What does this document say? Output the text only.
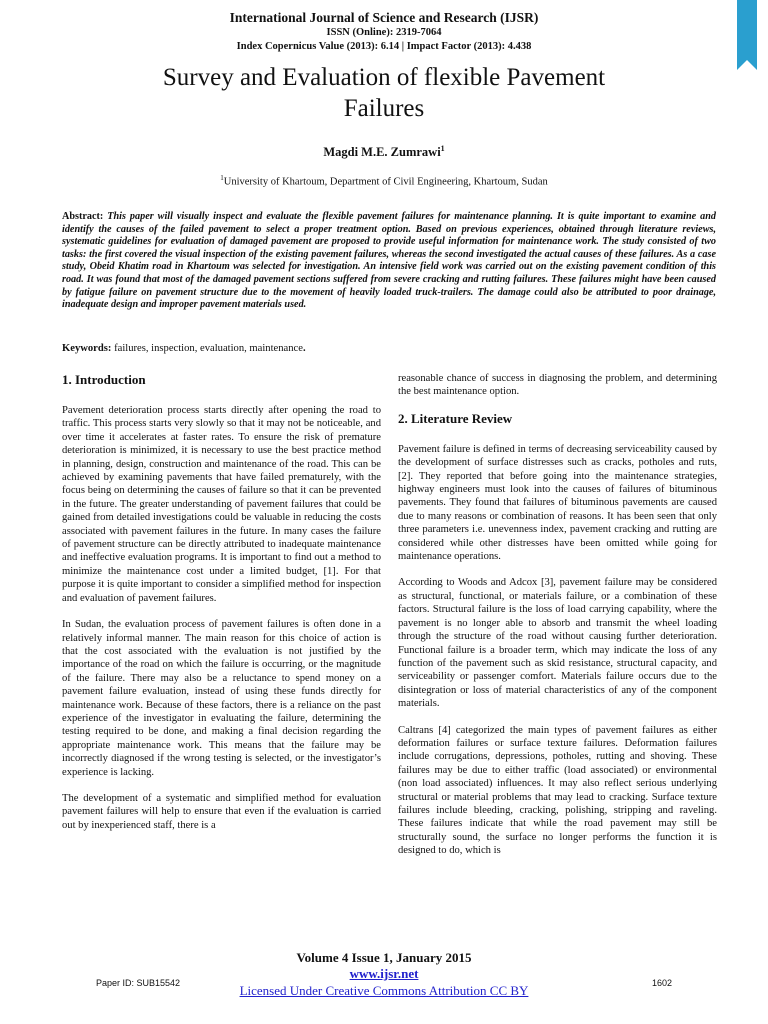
International Journal of Science and Research (IJSR)
ISSN (Online): 2319-7064
Index Copernicus Value (2013): 6.14 | Impact Factor (2013): 4.438
Survey and Evaluation of flexible Pavement
Failures
Magdi M.E. Zumrawi$^1$
$^1$University of Khartoum, Department of Civil Engineering, Khartoum, Sudan
Abstract: This paper will visually inspect and evaluate the flexible pavement failures for maintenance planning. It is quite important to examine and identify the causes of the failed pavement to select a proper treatment option. Based on previous experiences, obtained through literature reviews, systematic guidelines for evaluation of damaged pavement are proposed to provide useful information for maintenance work. The study consisted of two tasks: the first covered the visual inspection of the existing pavement failures, whereas the second investigated the actual causes of these failures. As a case study, Obeid Khatim road in Khartoum was selected for investigation. An intensive field work was carried out on the existing pavement condition of this road. It was found that most of the damaged pavement sections suffered from severe cracking and rutting failures. These failures might have been caused by fatigue failure on pavement structure due to the movement of heavily loaded truck-trailers. The damage could also be attributed to poor drainage, inadequate design and improper pavement materials used.
Keywords: failures, inspection, evaluation, maintenance.
1. Introduction

Pavement deterioration process starts directly after opening the road to traffic. This process starts very slowly so that it may not be noticeable, and over time it accelerates at faster rates. To ensure the risk of premature deterioration is minimized, it is necessary to use the best practice method in planning, design, construction and maintenance of the road. This can be achieved by examining pavements that have failed prematurely, with the focus being on determining the causes of failure so that it can be prevented in the future. The greater understanding of pavement failures that could be gained from detailed investigations could be valuable in reducing the costs associated with pavement failures in the future. In many cases the failure of pavement structure can be directly attributed to inadequate maintenance and ineffective evaluation programs. It is important to find out a method to minimize the maintenance cost under a limited budget, [1]. For that purpose it is quite important to consider a simplified method for inspection and evaluation of pavement failures.

In Sudan, the evaluation process of pavement failures is often done in a relatively informal manner. The main reason for this choice of action is that the cost associated with the evaluation is not justified by the importance of the road on which the failure is occurring, or the magnitude of the failure. There may also be a reluctance to spend money on a pavement failure evaluation, instead of using these funds directly for maintenance work. Because of these factors, there is a reliance on the past experience of the investigator in evaluating the failure, determining the testing required to be done, and making a final decision regarding the appropriate maintenance work. This means that the failure may be incorrectly diagnosed if the wrong testing is selected, or the investigator’s experience is lacking.

The development of a systematic and simplified method for evaluation pavement failures will help to ensure that even if the evaluation is carried out by inexperienced staff, there is a

reasonable chance of success in diagnosing the problem, and determining the best maintenance option.

2. Literature Review

Pavement failure is defined in terms of decreasing serviceability caused by the development of surface distresses such as cracks, potholes and ruts, [2]. They reported that before going into the maintenance strategies, highway engineers must look into the causes of failures of bituminous pavements. They found that failures of bituminous pavements are caused due to many reasons or combination of reasons. It has been seen that only three parameters i.e. unevenness index, pavement cracking and rutting are considered while other distresses have been omitted while going for maintenance operations.

According to Woods and Adcox [3], pavement failure may be considered as structural, functional, or materials failure, or a combination of these factors. Structural failure is the loss of load carrying capability, where the pavement is no longer able to absorb and transmit the wheel loading through the structure of the road without causing further deterioration. Functional failure is a broader term, which may indicate the loss of any function of the pavement such as skid resistance, structural capacity, and serviceability or passenger comfort. Materials failure occurs due to the disintegration or loss of material characteristics of any of the component materials.

Caltrans [4] categorized the main types of pavement failures as either deformation failures or surface texture failures. Deformation failures include corrugations, depressions, potholes, rutting and shoving. These failures may be due to either traffic (load associated) or environmental (non load associated) influences. It may also reflect serious underlying structural or material problems that may lead to cracking. Surface texture failures include bleeding, cracking, polishing, stripping and raveling. These failures indicate that while the road pavement may still be structurally sound, the surface no longer performs the function it is designed to do, which is

Volume 4 Issue 1, January 2015
www.ijsr.net
Licensed Under Creative Commons Attribution CC BY
Paper ID: SUB15542	1602
